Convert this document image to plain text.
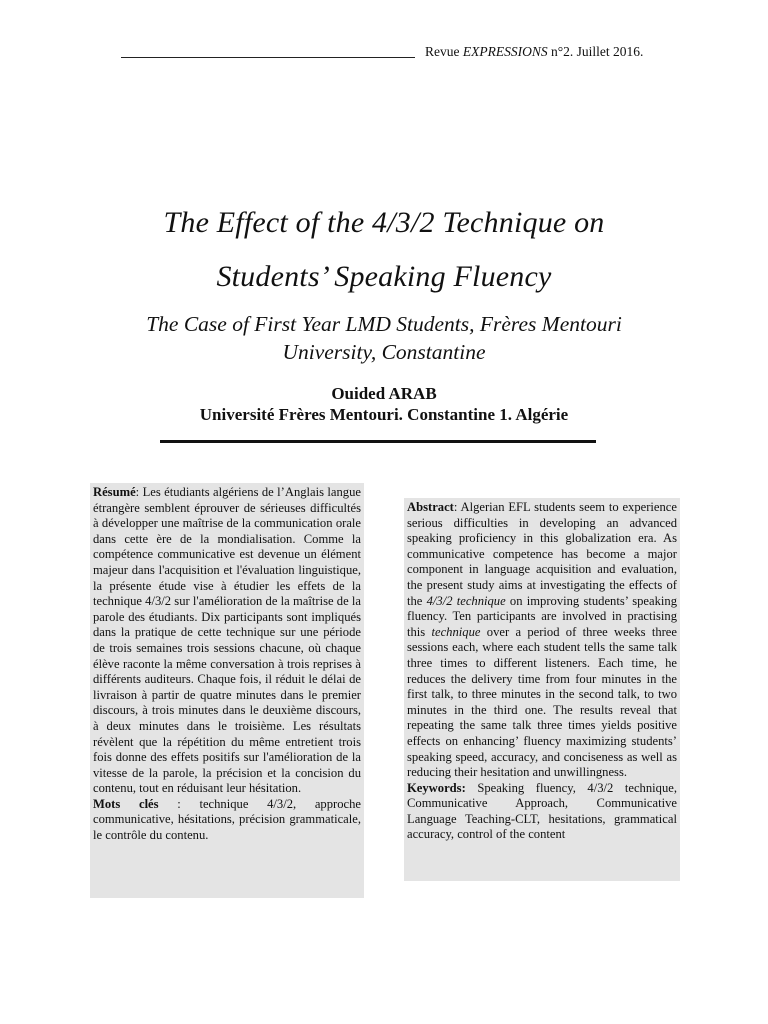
Revue EXPRESSIONS n°2. Juillet 2016.
The Effect of the 4/3/2 Technique on
Students’ Speaking Fluency
The Case of First Year LMD Students, Frères Mentouri
University, Constantine
Ouided ARAB
Université Frères Mentouri. Constantine 1. Algérie

Résumé: Les étudiants algériens de l’Anglais langue étrangère semblent éprouver de sérieuses difficultés à développer une maîtrise de la communication orale dans cette ère de la mondialisation. Comme la compétence communicative est devenue un élément majeur dans l'acquisition et l'évaluation linguistique, la présente étude vise à étudier les effets de la technique 4/3/2 sur l'amélioration de la maîtrise de la parole des étudiants. Dix participants sont impliqués dans la pratique de cette technique sur une période de trois semaines trois sessions chacune, où chaque élève raconte la même conversation à trois reprises à différents auditeurs. Chaque fois, il réduit le délai de livraison à partir de quatre minutes dans le premier discours, à trois minutes dans le deuxième discours, à deux minutes dans le troisième. Les résultats révèlent que la répétition du même entretient trois fois donne des effets positifs sur l'amélioration de la vitesse de la parole, la précision et la concision du contenu, tout en réduisant leur hésitation.

Mots clés : technique 4/3/2, approche communicative, hésitations, précision grammaticale, le contrôle du contenu.

Abstract: Algerian EFL students seem to experience serious difficulties in developing an advanced speaking proficiency in this globalization era. As communicative competence has become a major component in language acquisition and evaluation, the present study aims at investigating the effects of the 4/3/2 technique on improving students’ speaking fluency. Ten participants are involved in practising this technique over a period of three weeks three sessions each, where each student tells the same talk three times to different listeners. Each time, he reduces the delivery time from four minutes in the first talk, to three minutes in the second talk, to two minutes in the third one. The results reveal that repeating the same talk three times yields positive effects on enhancing’ fluency maximizing students’ speaking speed, accuracy, and conciseness as well as reducing their hesitation and unwillingness.

Keywords: Speaking fluency, 4/3/2 technique, Communicative Approach, Communicative Language Teaching-CLT, hesitations, grammatical accuracy, control of the content
